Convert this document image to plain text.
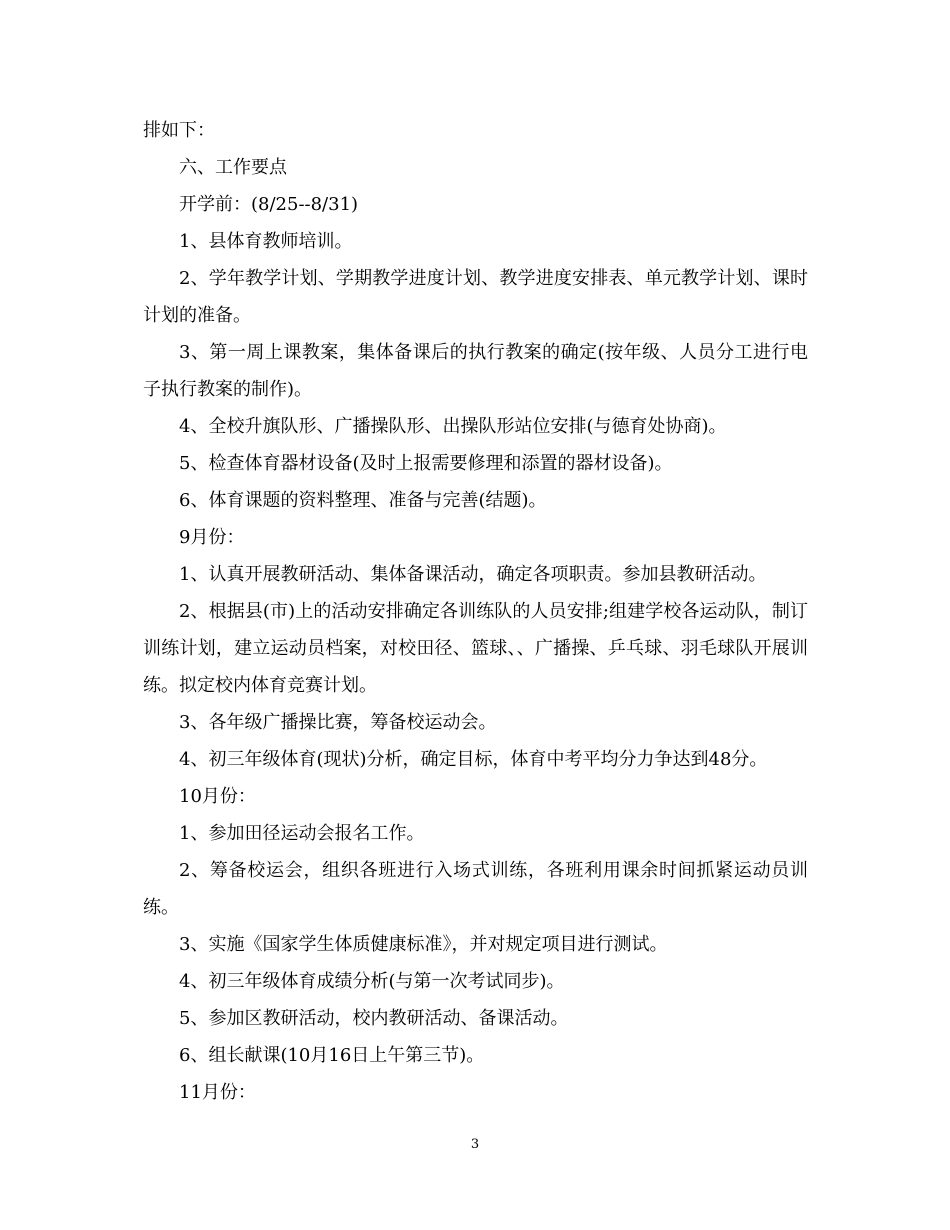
排如下：

六、工作要点

开学前：(8/25--8/31)

1、县体育教师培训。

2、学年教学计划、学期教学进度计划、教学进度安排表、单元教学计划、课时计划的准备。

3、第一周上课教案，集体备课后的执行教案的确定(按年级、人员分工进行电子执行教案的制作)。

4、全校升旗队形、广播操队形、出操队形站位安排(与德育处协商)。

5、检查体育器材设备(及时上报需要修理和添置的器材设备)。

6、体育课题的资料整理、准备与完善(结题)。

9月份：

1、认真开展教研活动、集体备课活动，确定各项职责。参加县教研活动。

2、根据县(市)上的活动安排确定各训练队的人员安排;组建学校各运动队，制订训练计划，建立运动员档案，对校田径、篮球、、广播操、乒乓球、羽毛球队开展训练。拟定校内体育竞赛计划。

3、各年级广播操比赛，筹备校运动会。

4、初三年级体育(现状)分析，确定目标，体育中考平均分力争达到48分。

10月份：

1、参加田径运动会报名工作。

2、筹备校运会，组织各班进行入场式训练，各班利用课余时间抓紧运动员训练。

3、实施《国家学生体质健康标准》，并对规定项目进行测试。

4、初三年级体育成绩分析(与第一次考试同步)。

5、参加区教研活动，校内教研活动、备课活动。

6、组长献课(10月16日上午第三节)。

11月份：

3
